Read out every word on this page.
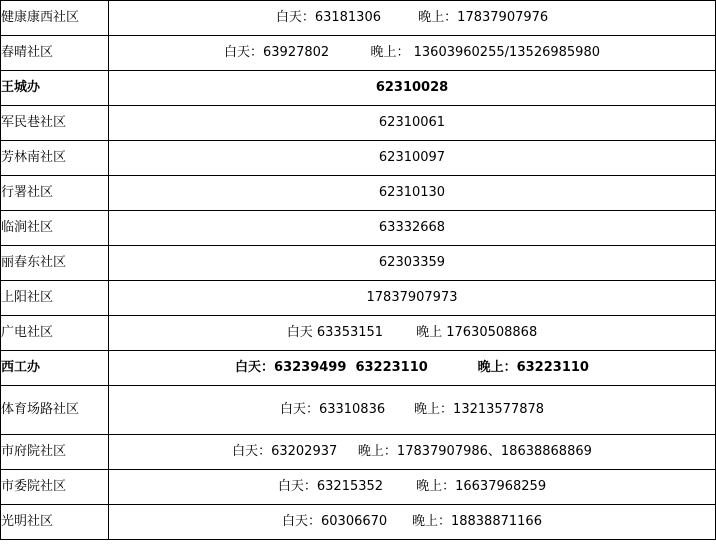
健康康西社区	白天：63181306         晚上：17837907976
春晴社区	白天：63927802          晚上： 13603960255/13526985980
王城办	62310028

军民巷社区	62310061

芳林南社区	62310097

行署社区	62310130

临涧社区	63332668

丽春东社区	62303359

上阳社区	17837907973

广电社区	白天 63353151        晚上 17630508868
西工办	白天：63239499  63223110           晚上：63223110
体育场路社区	白天：63310836       晚上：13213577878
市府院社区	白天：63202937     晚上：17837907986、18638868869
市委院社区	白天：63215352        晚上：16637968259
光明社区	白天：60306670      晚上：18838871166
